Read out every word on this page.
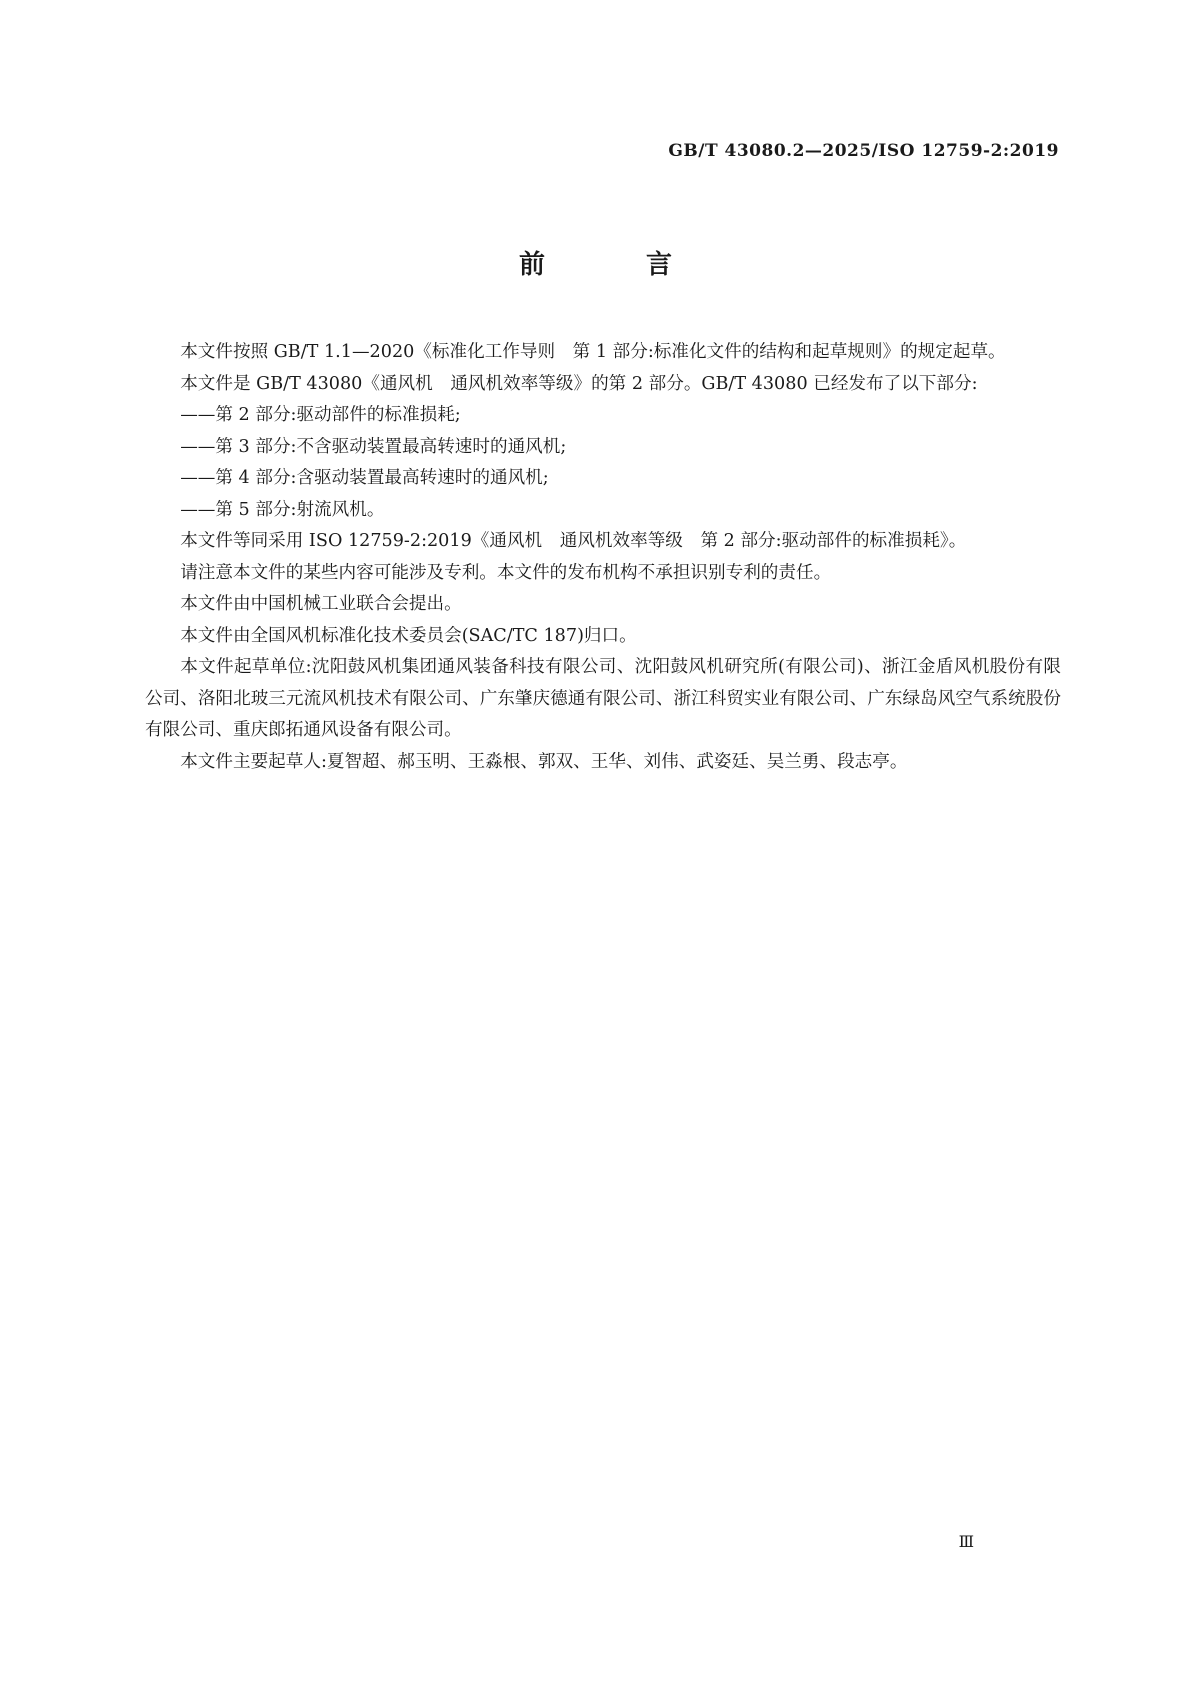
GB/T 43080.2—2025/ISO 12759-2:2019
前 言

本文件按照 GB/T 1.1—2020《标准化工作导则　第 1 部分:标准化文件的结构和起草规则》的规定起草。

本文件是 GB/T 43080《通风机　通风机效率等级》的第 2 部分。GB/T 43080 已经发布了以下部分:

——第 2 部分:驱动部件的标准损耗;

——第 3 部分:不含驱动装置最高转速时的通风机;

——第 4 部分:含驱动装置最高转速时的通风机;

——第 5 部分:射流风机。

本文件等同采用 ISO 12759-2:2019《通风机　通风机效率等级　第 2 部分:驱动部件的标准损耗》。

请注意本文件的某些内容可能涉及专利。本文件的发布机构不承担识别专利的责任。

本文件由中国机械工业联合会提出。

本文件由全国风机标准化技术委员会(SAC/TC 187)归口。

本文件起草单位:沈阳鼓风机集团通风装备科技有限公司、沈阳鼓风机研究所(有限公司)、浙江金盾风机股份有限公司、洛阳北玻三元流风机技术有限公司、广东肇庆德通有限公司、浙江科贸实业有限公司、广东绿岛风空气系统股份有限公司、重庆郎拓通风设备有限公司。

本文件主要起草人:夏智超、郝玉明、王淼根、郭双、王华、刘伟、武姿廷、吴兰勇、段志亭。

Ⅲ
